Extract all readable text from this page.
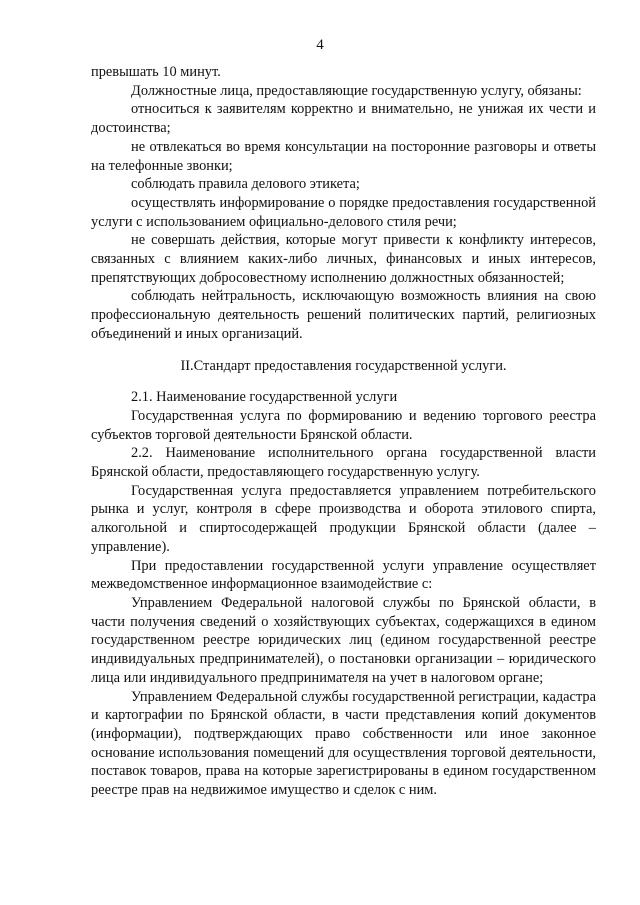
4

превышать 10 минут.

Должностные лица, предоставляющие государственную услугу, обязаны:

относиться к заявителям корректно и внимательно, не унижая их чести и достоинства;

не отвлекаться во время консультации на посторонние разговоры и ответы на телефонные звонки;

соблюдать правила делового этикета;

осуществлять информирование о порядке предоставления государственной услуги с использованием официально-делового стиля речи;

не совершать действия, которые могут привести к конфликту интересов, связанных с влиянием каких-либо личных, финансовых и иных интересов, препятствующих добросовестному исполнению должностных обязанностей;

соблюдать нейтральность, исключающую возможность влияния на свою профессиональную деятельность решений политических партий, религиозных объединений и иных организаций.

II.Стандарт предоставления государственной услуги.

2.1. Наименование государственной услуги

Государственная услуга по формированию и ведению торгового реестра субъектов торговой деятельности Брянской области.

2.2. Наименование исполнительного органа государственной власти Брянской области, предоставляющего государственную услугу.

Государственная услуга предоставляется управлением потребительского рынка и услуг, контроля в сфере производства и оборота этилового спирта, алкогольной и спиртосодержащей продукции Брянской области (далее – управление).

При предоставлении государственной услуги управление осуществляет межведомственное информационное взаимодействие с:

Управлением Федеральной налоговой службы по Брянской области, в части получения сведений о хозяйствующих субъектах, содержащихся в едином государственном реестре юридических лиц (едином государственной реестре индивидуальных предпринимателей), о постановки организации – юридического лица или индивидуального предпринимателя на учет в налоговом органе;

Управлением Федеральной службы государственной регистрации, кадастра и картографии по Брянской области, в части представления копий документов (информации), подтверждающих право собственности или иное законное основание использования помещений для осуществления торговой деятельности, поставок товаров, права на которые зарегистрированы в едином государственном реестре прав на недвижимое имущество и сделок с ним.
